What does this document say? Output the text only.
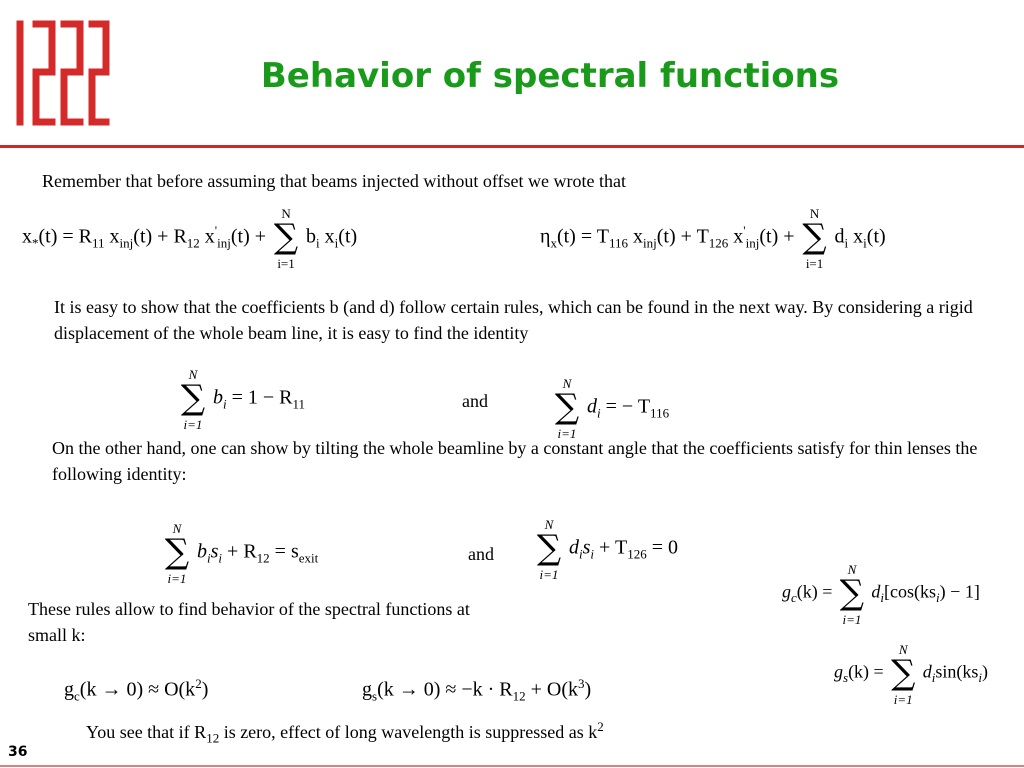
Behavior of spectral functions
Remember that before assuming that beams injected without offset we wrote that
$x_*(t) = R_{11}$ $x_{inj}(t) + R_{12}$ $x'_{inj}(t)$ +
N
∑
i=1
$b_i$ $x_i(t)$	$\eta_x(t) = T_{116}$ $x_{inj}(t) + T_{126}$ $x'_{inj}(t)$ +
N
∑
i=1
$d_i$ $x_i(t)$
It is easy to show that the coefficients b (and d) follow certain rules, which can be found in the next way. By considering a rigid displacement of the whole beam line, it is easy to find the identity
N
∑
i=1
$b_i = 1 - R_{11}$	and
N
∑
i=1
$d_i$ = − $T_{116}$
On the other hand, one can show by tilting the whole beamline by a constant angle that the coefficients satisfy for thin lenses the following identity:
N
∑
i=1
$b_is_i + R_{12} = s_{exit}$	and
N
∑
i=1
$d_is_i + T_{126} = 0$
These rules allow to find behavior of the spectral functions at small k:
$g_c(k)$ =
N
∑
i=1
$d_i[\cos(ks_i) - 1]$
$g_s(k)$ =
N
∑
i=1
$d_i\sin(ks_i)$
$g_c(k \to 0) \approx O(k^2)$	$g_s(k \to 0) \approx -k \cdot R_{12} + O(k^3)$
You see that if $R_{12}$ is zero, effect of long wavelength is suppressed as $k^2$
36
